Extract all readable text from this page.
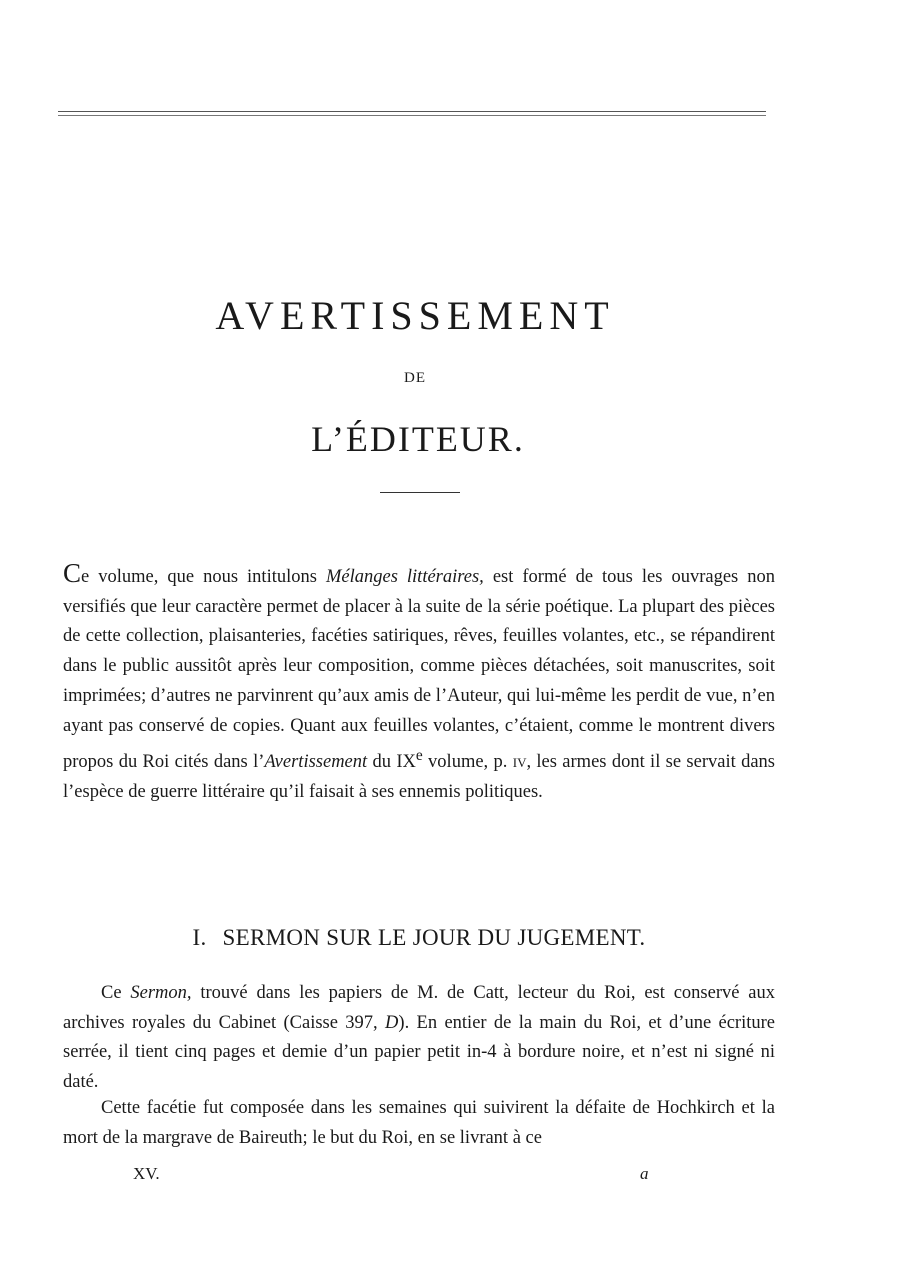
AVERTISSEMENT
DE
L’ÉDITEUR.

Ce volume, que nous intitulons Mélanges littéraires, est formé de tous les ouvrages non versifiés que leur caractère permet de placer à la suite de la série poétique. La plupart des pièces de cette collection, plaisanteries, facéties satiriques, rêves, feuilles volantes, etc., se répandirent dans le public aussitôt après leur composition, comme pièces détachées, soit manuscrites, soit imprimées; d’autres ne parvinrent qu’aux amis de l’Auteur, qui lui-même les perdit de vue, n’en ayant pas conservé de copies. Quant aux feuilles volantes, c’étaient, comme le montrent divers propos du Roi cités dans l’Avertissement du IXe volume, p. iv, les armes dont il se servait dans l’espèce de guerre littéraire qu’il faisait à ses ennemis politiques.

I. SERMON SUR LE JOUR DU JUGEMENT.

Ce Sermon, trouvé dans les papiers de M. de Catt, lecteur du Roi, est conservé aux archives royales du Cabinet (Caisse 397, D). En entier de la main du Roi, et d’une écriture serrée, il tient cinq pages et demie d’un papier petit in-4 à bordure noire, et n’est ni signé ni daté.

Cette facétie fut composée dans les semaines qui suivirent la défaite de Hochkirch et la mort de la margrave de Baireuth; le but du Roi, en se livrant à ce

XV.	a
